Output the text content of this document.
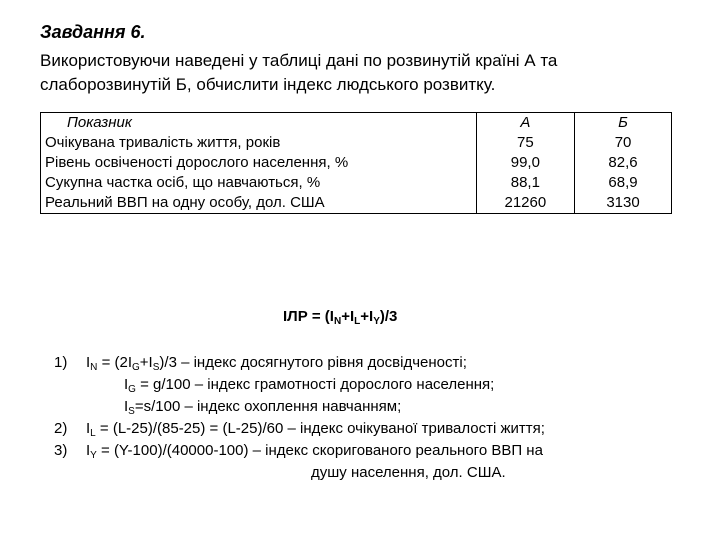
Завдання 6.
Використовуючи наведені у таблиці дані по розвинутій країні А та
слаборозвинутій Б, обчислити індекс людського розвитку.
Показник	А	Б
Очікувана тривалість життя, років	75	70
Рівень освіченості дорослого населення, %	99,0	82,6
Сукупна частка осіб, що навчаються, %	88,1	68,9
Реальний ВВП на одну особу, дол. США	21260	3130
ІЛР = $(І_N+І_L+І_Y)/3$
1) $І_N = (2І_G+І_S)/3$ – індекс досягнутого рівня досвідченості;
$І_G = g/100$ – індекс грамотності дорослого населення;
$І_S=s/100$ – індекс охоплення навчанням;
2) $І_L = (L-25)/(85-25) = (L-25)/60$ – індекс очікуваної тривалості життя;
3) $І_Y = (Y-100)/(40000-100)$ – індекс скоригованого реального ВВП на
душу населення, дол. США.
